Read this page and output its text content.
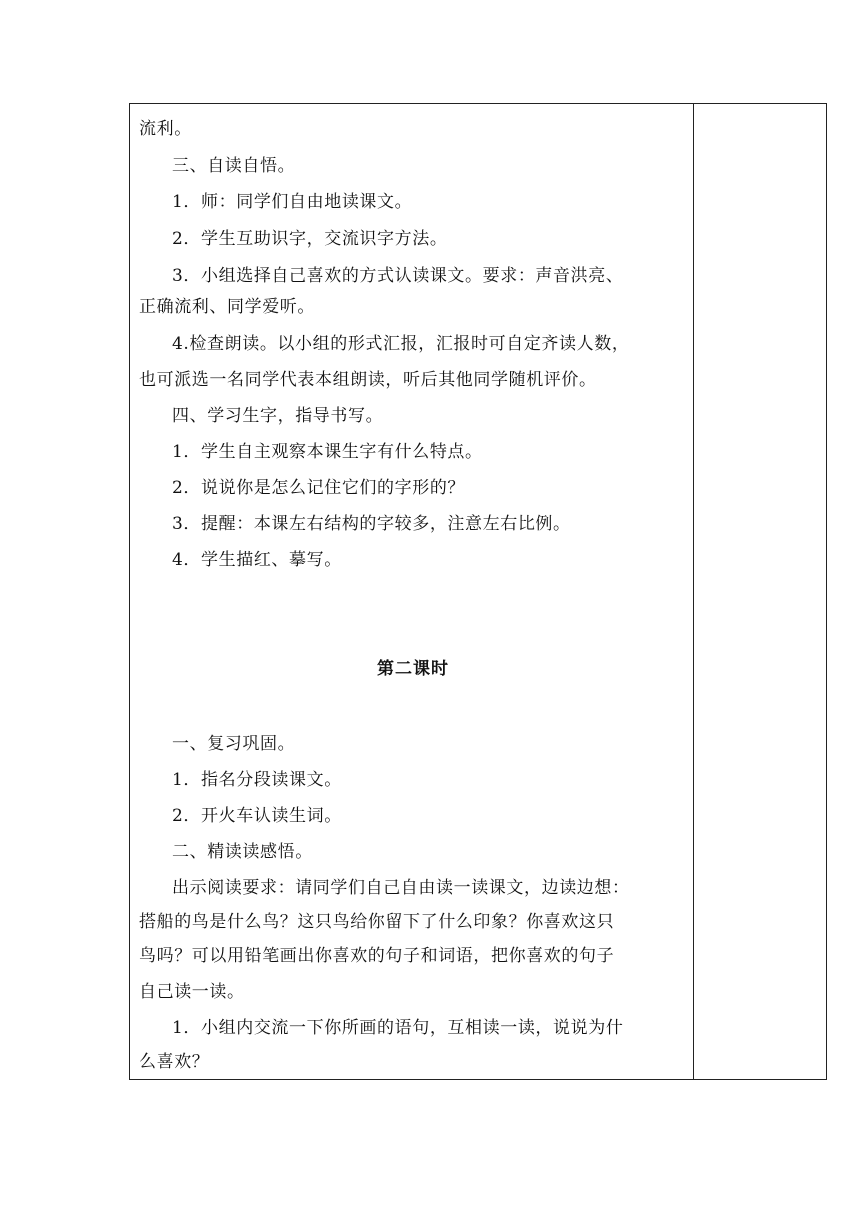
流利。
三、自读自悟。
1．师：同学们自由地读课文。
2．学生互助识字，交流识字方法。
3．小组选择自己喜欢的方式认读课文。要求：声音洪亮、
正确流利、同学爱听。
4.检查朗读。以小组的形式汇报，汇报时可自定齐读人数，
也可派选一名同学代表本组朗读，听后其他同学随机评价。
四、学习生字，指导书写。
1．学生自主观察本课生字有什么特点。
2．说说你是怎么记住它们的字形的？
3．提醒：本课左右结构的字较多，注意左右比例。
4．学生描红、摹写。
第二课时
一、复习巩固。
1．指名分段读课文。
2．开火车认读生词。
二、精读读感悟。
出示阅读要求：请同学们自己自由读一读课文，边读边想：
搭船的鸟是什么鸟？这只鸟给你留下了什么印象？你喜欢这只
鸟吗？可以用铅笔画出你喜欢的句子和词语，把你喜欢的句子
自己读一读。
1．小组内交流一下你所画的语句，互相读一读，说说为什
么喜欢？
